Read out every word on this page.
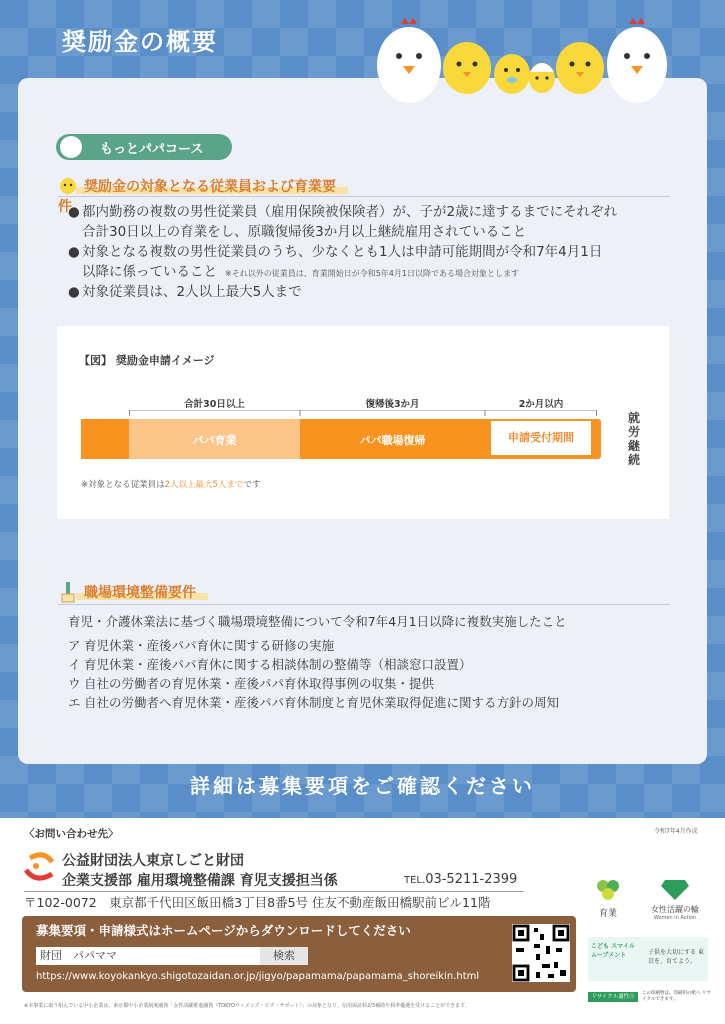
奨励金の概要
もっとパパコース
奨励金の対象となる従業員および育業要件
● 都内勤務の複数の男性従業員（雇用保険被保険者）が、子が2歳に達するまでにそれぞれ
合計30日以上の育業をし、原職復帰後3か月以上継続雇用されていること
● 対象となる複数の男性従業員のうち、少なくとも1人は申請可能期間が令和7年4月1日
以降に係っていること ※それ以外の従業員は、育業開始日が令和5年4月1日以降である場合対象とします
● 対象従業員は、2人以上最大5人まで
【図】 奨励金申請イメージ
合計30日以上	復帰後3か月	2か月以内
パパ育業	パパ職場復帰	申請受付期間
就労継続
※対象となる従業員は2人以上最大5人までです
職場環境整備要件
育児・介護休業法に基づく職場環境整備について令和7年4月1日以降に複数実施したこと
ア 育児休業・産後パパ育休に関する研修の実施
イ 育児休業・産後パパ育休に関する相談体制の整備等（相談窓口設置）
ウ 自社の労働者の育児休業・産後パパ育休取得事例の収集・提供
エ 自社の労働者へ育児休業・産後パパ育休制度と育児休業取得促進に関する方針の周知
詳細は募集要項をご確認ください
〈お問い合わせ先〉	令和7年4月作成
公益財団法人東京しごと財団
企業支援部 雇用環境整備課 育児支援担当係	TEL.03-5211-2399
〒102-0072　東京都千代田区飯田橋3丁目8番5号 住友不動産飯田橋駅前ビル11階
募集要項・申請様式はホームページからダウンロードしてください
財団　パパママ	検索
https://www.koyokankyo.shigotozaidan.or.jp/jigyo/papamama/papamama_shoreikin.html
育業	女性活躍の輪
Women in Action
こども スマイル ムーブメント	子供を大切にする 東京を、育てよう。
リサイクル適性Ⓐ
この印刷物は、印刷用の紙へ リサイクルできます。
※本事業に取り組んでいる中小企業は、東京都中小企業制度融資「女性活躍推進融資（TOKYOウィメンズ・ビズ・サポート）」の対象となり、信用保証料2/3補助や利率優遇を受けることができます。
